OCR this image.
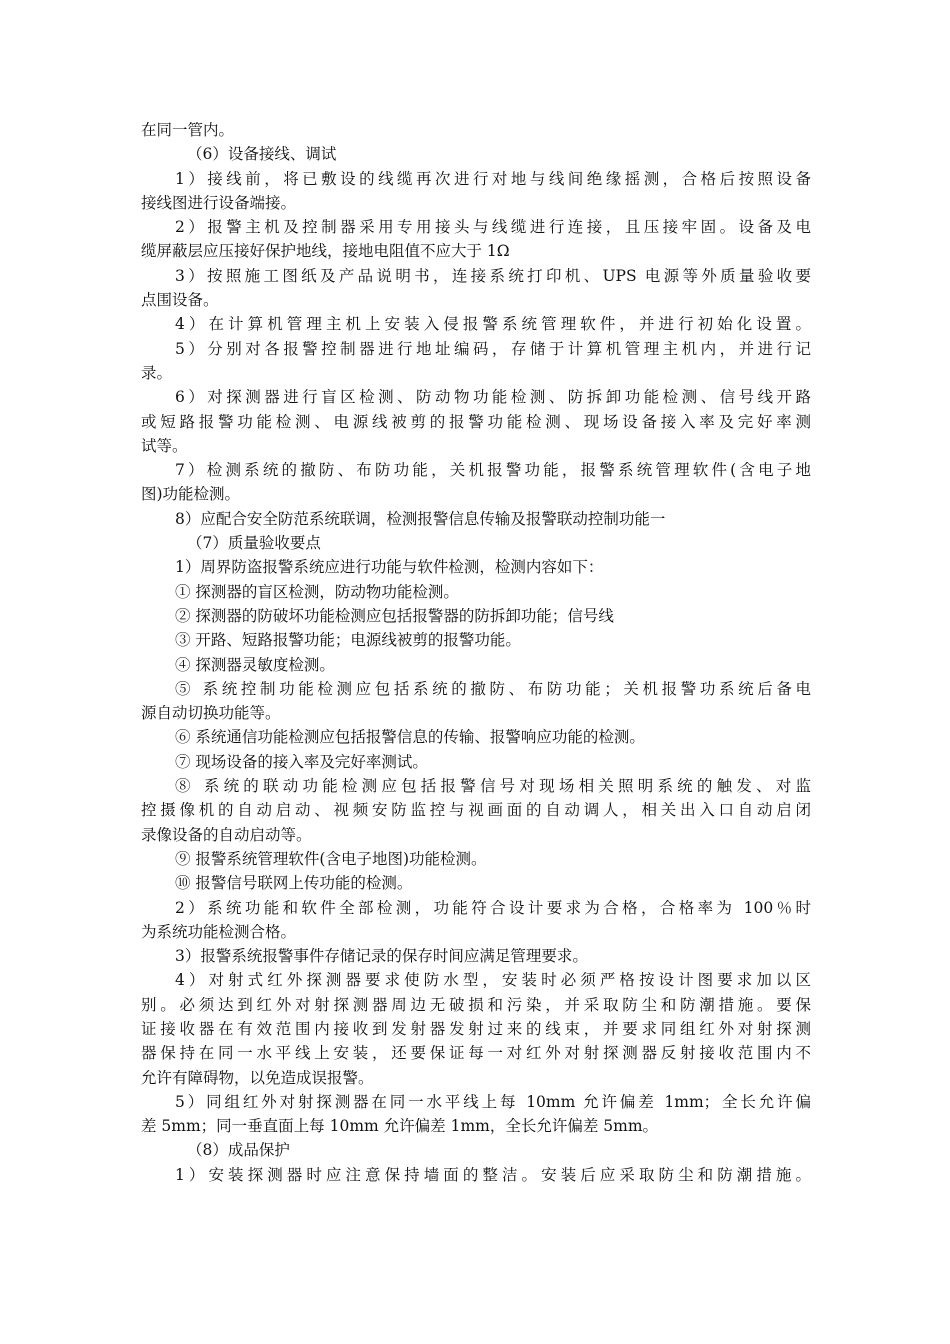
在同一管内。
（6）设备接线、调试
1）接线前，将已敷设的线缆再次进行对地与线间绝缘摇测，合格后按照设备
接线图进行设备端接。
2）报警主机及控制器采用专用接头与线缆进行连接，且压接牢固。设备及电
缆屏蔽层应压接好保护地线，接地电阻值不应大于 1Ω
3）按照施工图纸及产品说明书，连接系统打印机、UPS 电源等外质量验收要
点围设备。
4）在计算机管理主机上安装入侵报警系统管理软件，并进行初始化设置。
5）分别对各报警控制器进行地址编码，存储于计算机管理主机内，并进行记
录。
6）对探测器进行盲区检测、防动物功能检测、防拆卸功能检测、信号线开路
或短路报警功能检测、电源线被剪的报警功能检测、现场设备接入率及完好率测
试等。
7）检测系统的撤防、布防功能，关机报警功能，报警系统管理软件(含电子地
图)功能检测。
8）应配合安全防范系统联调，检测报警信息传输及报警联动控制功能一
（7）质量验收要点
1）周界防盗报警系统应进行功能与软件检测，检测内容如下：
① 探测器的盲区检测，防动物功能检测。
② 探测器的防破坏功能检测应包括报警器的防拆卸功能；信号线
③ 开路、短路报警功能；电源线被剪的报警功能。
④ 探测器灵敏度检测。
⑤ 系统控制功能检测应包括系统的撤防、布防功能；关机报警功系统后备电
源自动切换功能等。
⑥ 系统通信功能检测应包括报警信息的传输、报警响应功能的检测。
⑦ 现场设备的接入率及完好率测试。
⑧ 系统的联动功能检测应包括报警信号对现场相关照明系统的触发、对监
控摄像机的自动启动、视频安防监控与视画面的自动调人，相关出入口自动启闭
录像设备的自动启动等。
⑨ 报警系统管理软件(含电子地图)功能检测。
⑩ 报警信号联网上传功能的检测。
2）系统功能和软件全部检测，功能符合设计要求为合格，合格率为 100％时
为系统功能检测合格。
3）报警系统报警事件存储记录的保存时间应满足管理要求。
4）对射式红外探测器要求使防水型，安装时必须严格按设计图要求加以区
别。必须达到红外对射探测器周边无破损和污染，并采取防尘和防潮措施。要保
证接收器在有效范围内接收到发射器发射过来的线束，并要求同组红外对射探测
器保持在同一水平线上安装，还要保证每一对红外对射探测器反射接收范围内不
允许有障碍物，以免造成误报警。
5）同组红外对射探测器在同一水平线上每 10mm 允许偏差 1mm；全长允许偏
差 5mm；同一垂直面上每 10mm 允许偏差 1mm，全长允许偏差 5mm。
（8）成品保护
1）安装探测器时应注意保持墙面的整洁。安装后应采取防尘和防潮措施。
